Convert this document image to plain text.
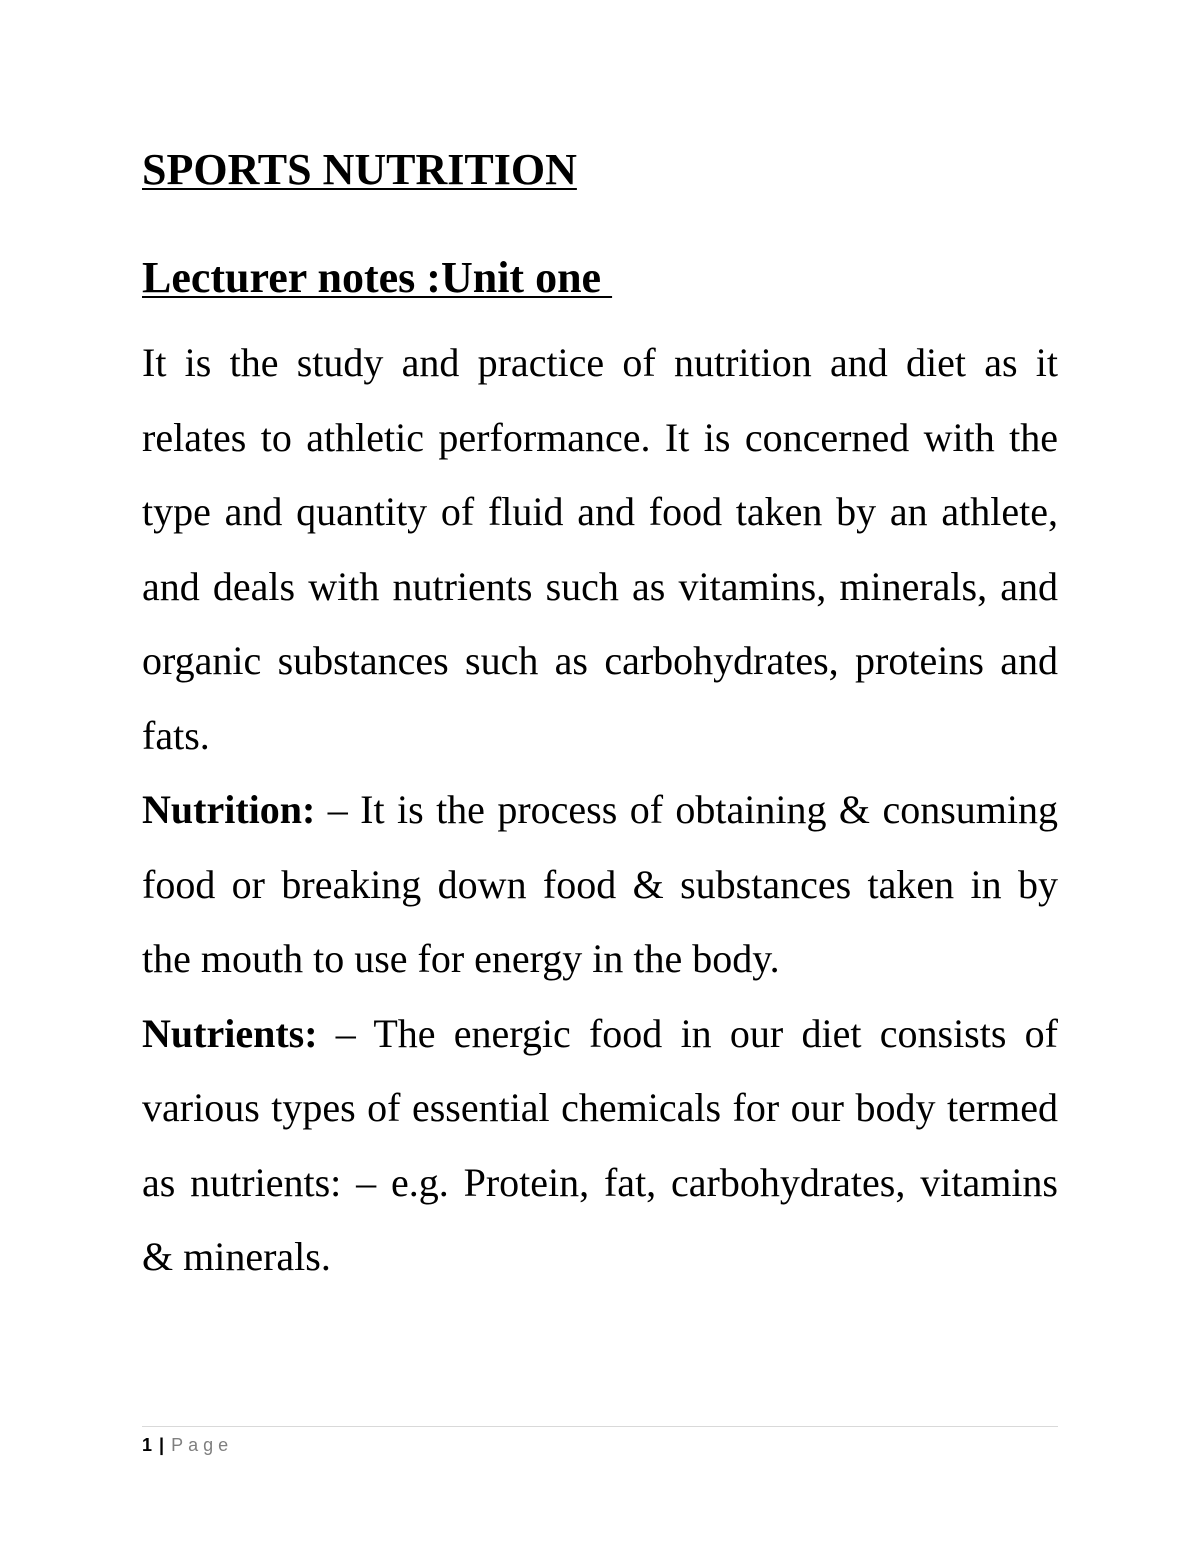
SPORTS NUTRITION
Lecturer notes :Unit one

It is the study and practice of nutrition and diet as it relates to athletic performance. It is concerned with the type and quantity of fluid and food taken by an athlete, and deals with nutrients such as vitamins, minerals, and organic substances such as carbohydrates, proteins and fats.

Nutrition: – It is the process of obtaining & consuming food or breaking down food & substances taken in by the mouth to use for energy in the body.

Nutrients: – The energic food in our diet consists of various types of essential chemicals for our body termed as nutrients: – e.g. Protein, fat, carbohydrates, vitamins & minerals.

1 | Page
